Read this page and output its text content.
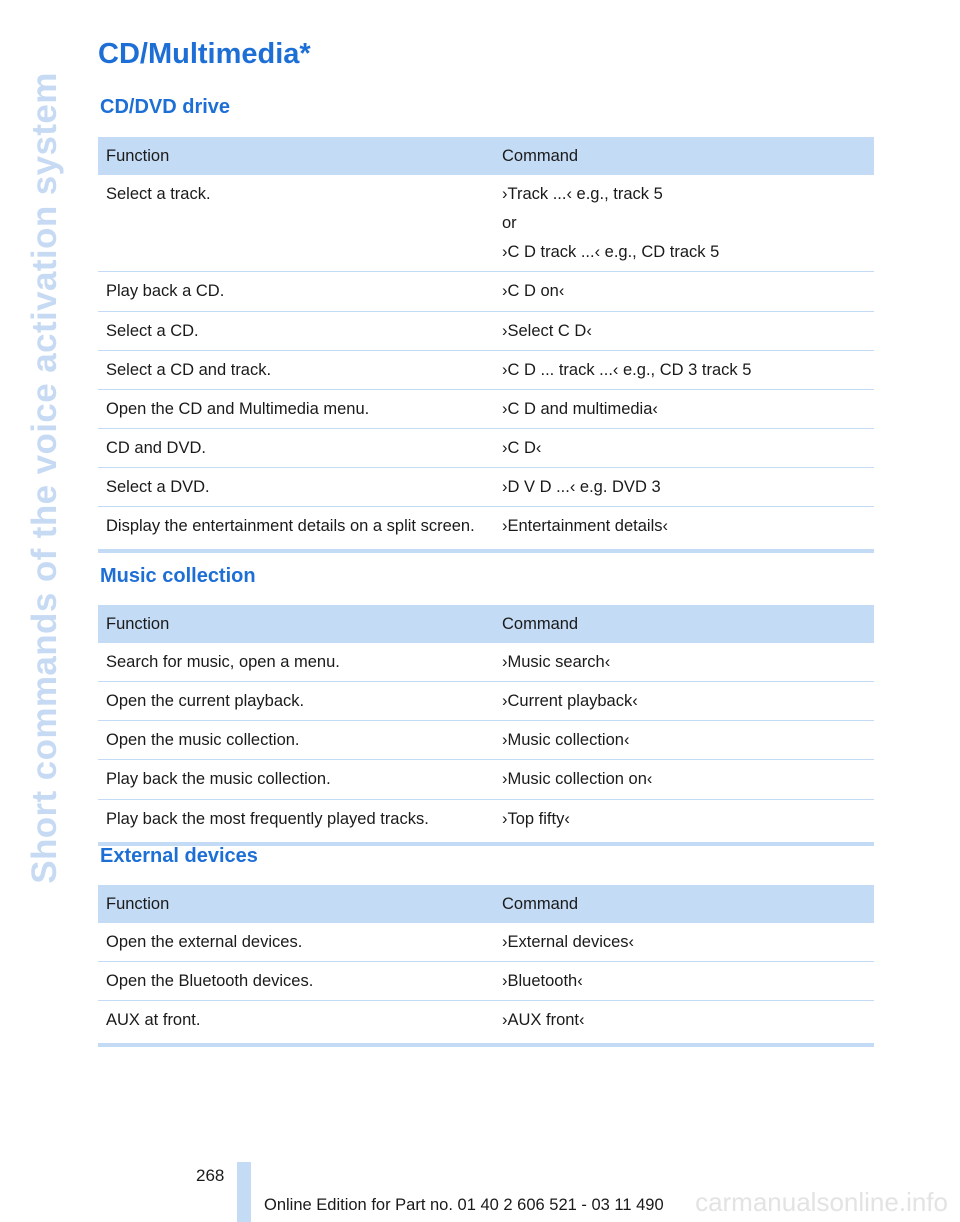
Short commands of the voice activation system
CD/Multimedia*
CD/DVD drive
Function	Command
Select a track.	›Track ...‹ e.g., track 5
or
›C D track ...‹ e.g., CD track 5

Play back a CD.	›C D on‹

Select a CD.	›Select C D‹

Select a CD and track.	›C D ... track ...‹ e.g., CD 3 track 5

Open the CD and Multimedia menu.	›C D and multimedia‹

CD and DVD.	›C D‹

Select a DVD.	›D V D ...‹ e.g. DVD 3

Display the entertainment details on a split screen.	›Entertainment details‹
Music collection
Function	Command
Search for music, open a menu.	›Music search‹

Open the current playback.	›Current playback‹

Open the music collection.	›Music collection‹

Play back the music collection.	›Music collection on‹

Play back the most frequently played tracks.	›Top fifty‹
External devices
Function	Command
Open the external devices.	›External devices‹

Open the Bluetooth devices.	›Bluetooth‹

AUX at front.	›AUX front‹
268
Online Edition for Part no. 01 40 2 606 521 - 03 11 490 carmanualsonline.info
